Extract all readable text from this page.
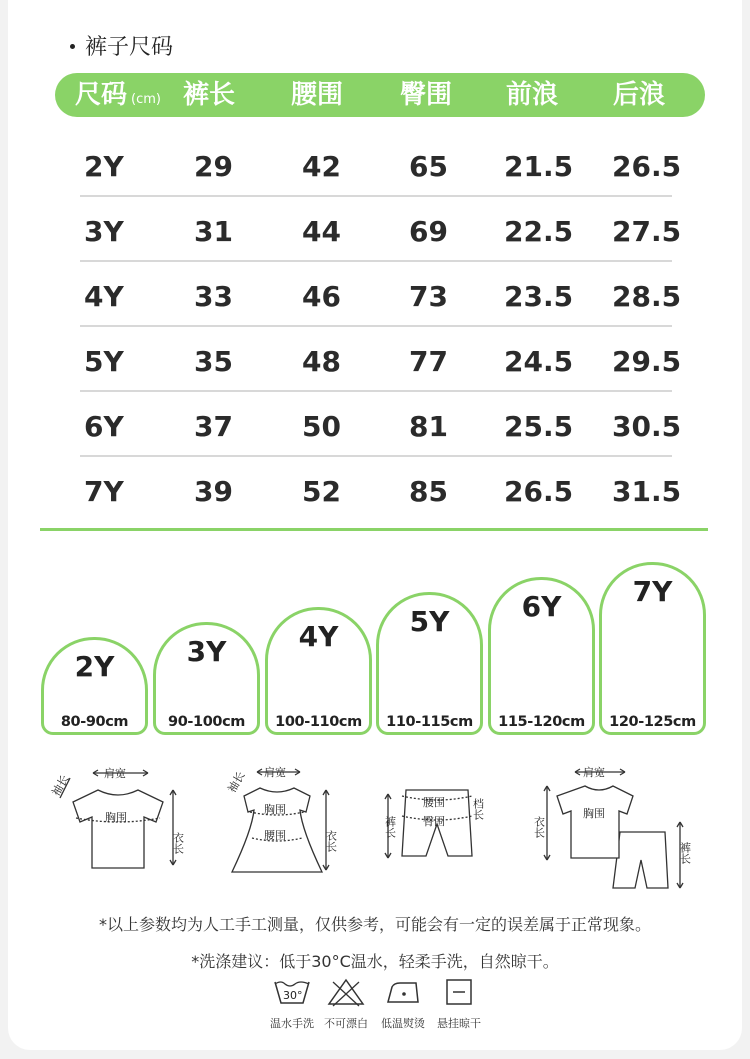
裤子尺码
尺码 (cm) 裤长 腰围 臀围 前浪 后浪
2Y	29 42 65 21.5 26.5
3Y	31 44 69 22.5 27.5
4Y	33 46 73 23.5 28.5
5Y	35 48 77 24.5 29.5
6Y	37 50 81 25.5 30.5
7Y	39 52 85 26.5 31.5
2Y
80-90cm
3Y
90-100cm
4Y
100-110cm
5Y
110-115cm
6Y
115-120cm
7Y
120-125cm
肩宽
胸围
袖长
衣长
肩宽
胸围
腰围
袖长
衣长
腰围
臀围
裤长
档长
肩宽
胸围
衣长
裤长
*以上参数均为人工手工测量，仅供参考，可能会有一定的误差属于正常现象。
*洗涤建议：低于30°C温水，轻柔手洗，自然晾干。
30°
温水手洗 不可漂白	低温熨烫	悬挂晾干
